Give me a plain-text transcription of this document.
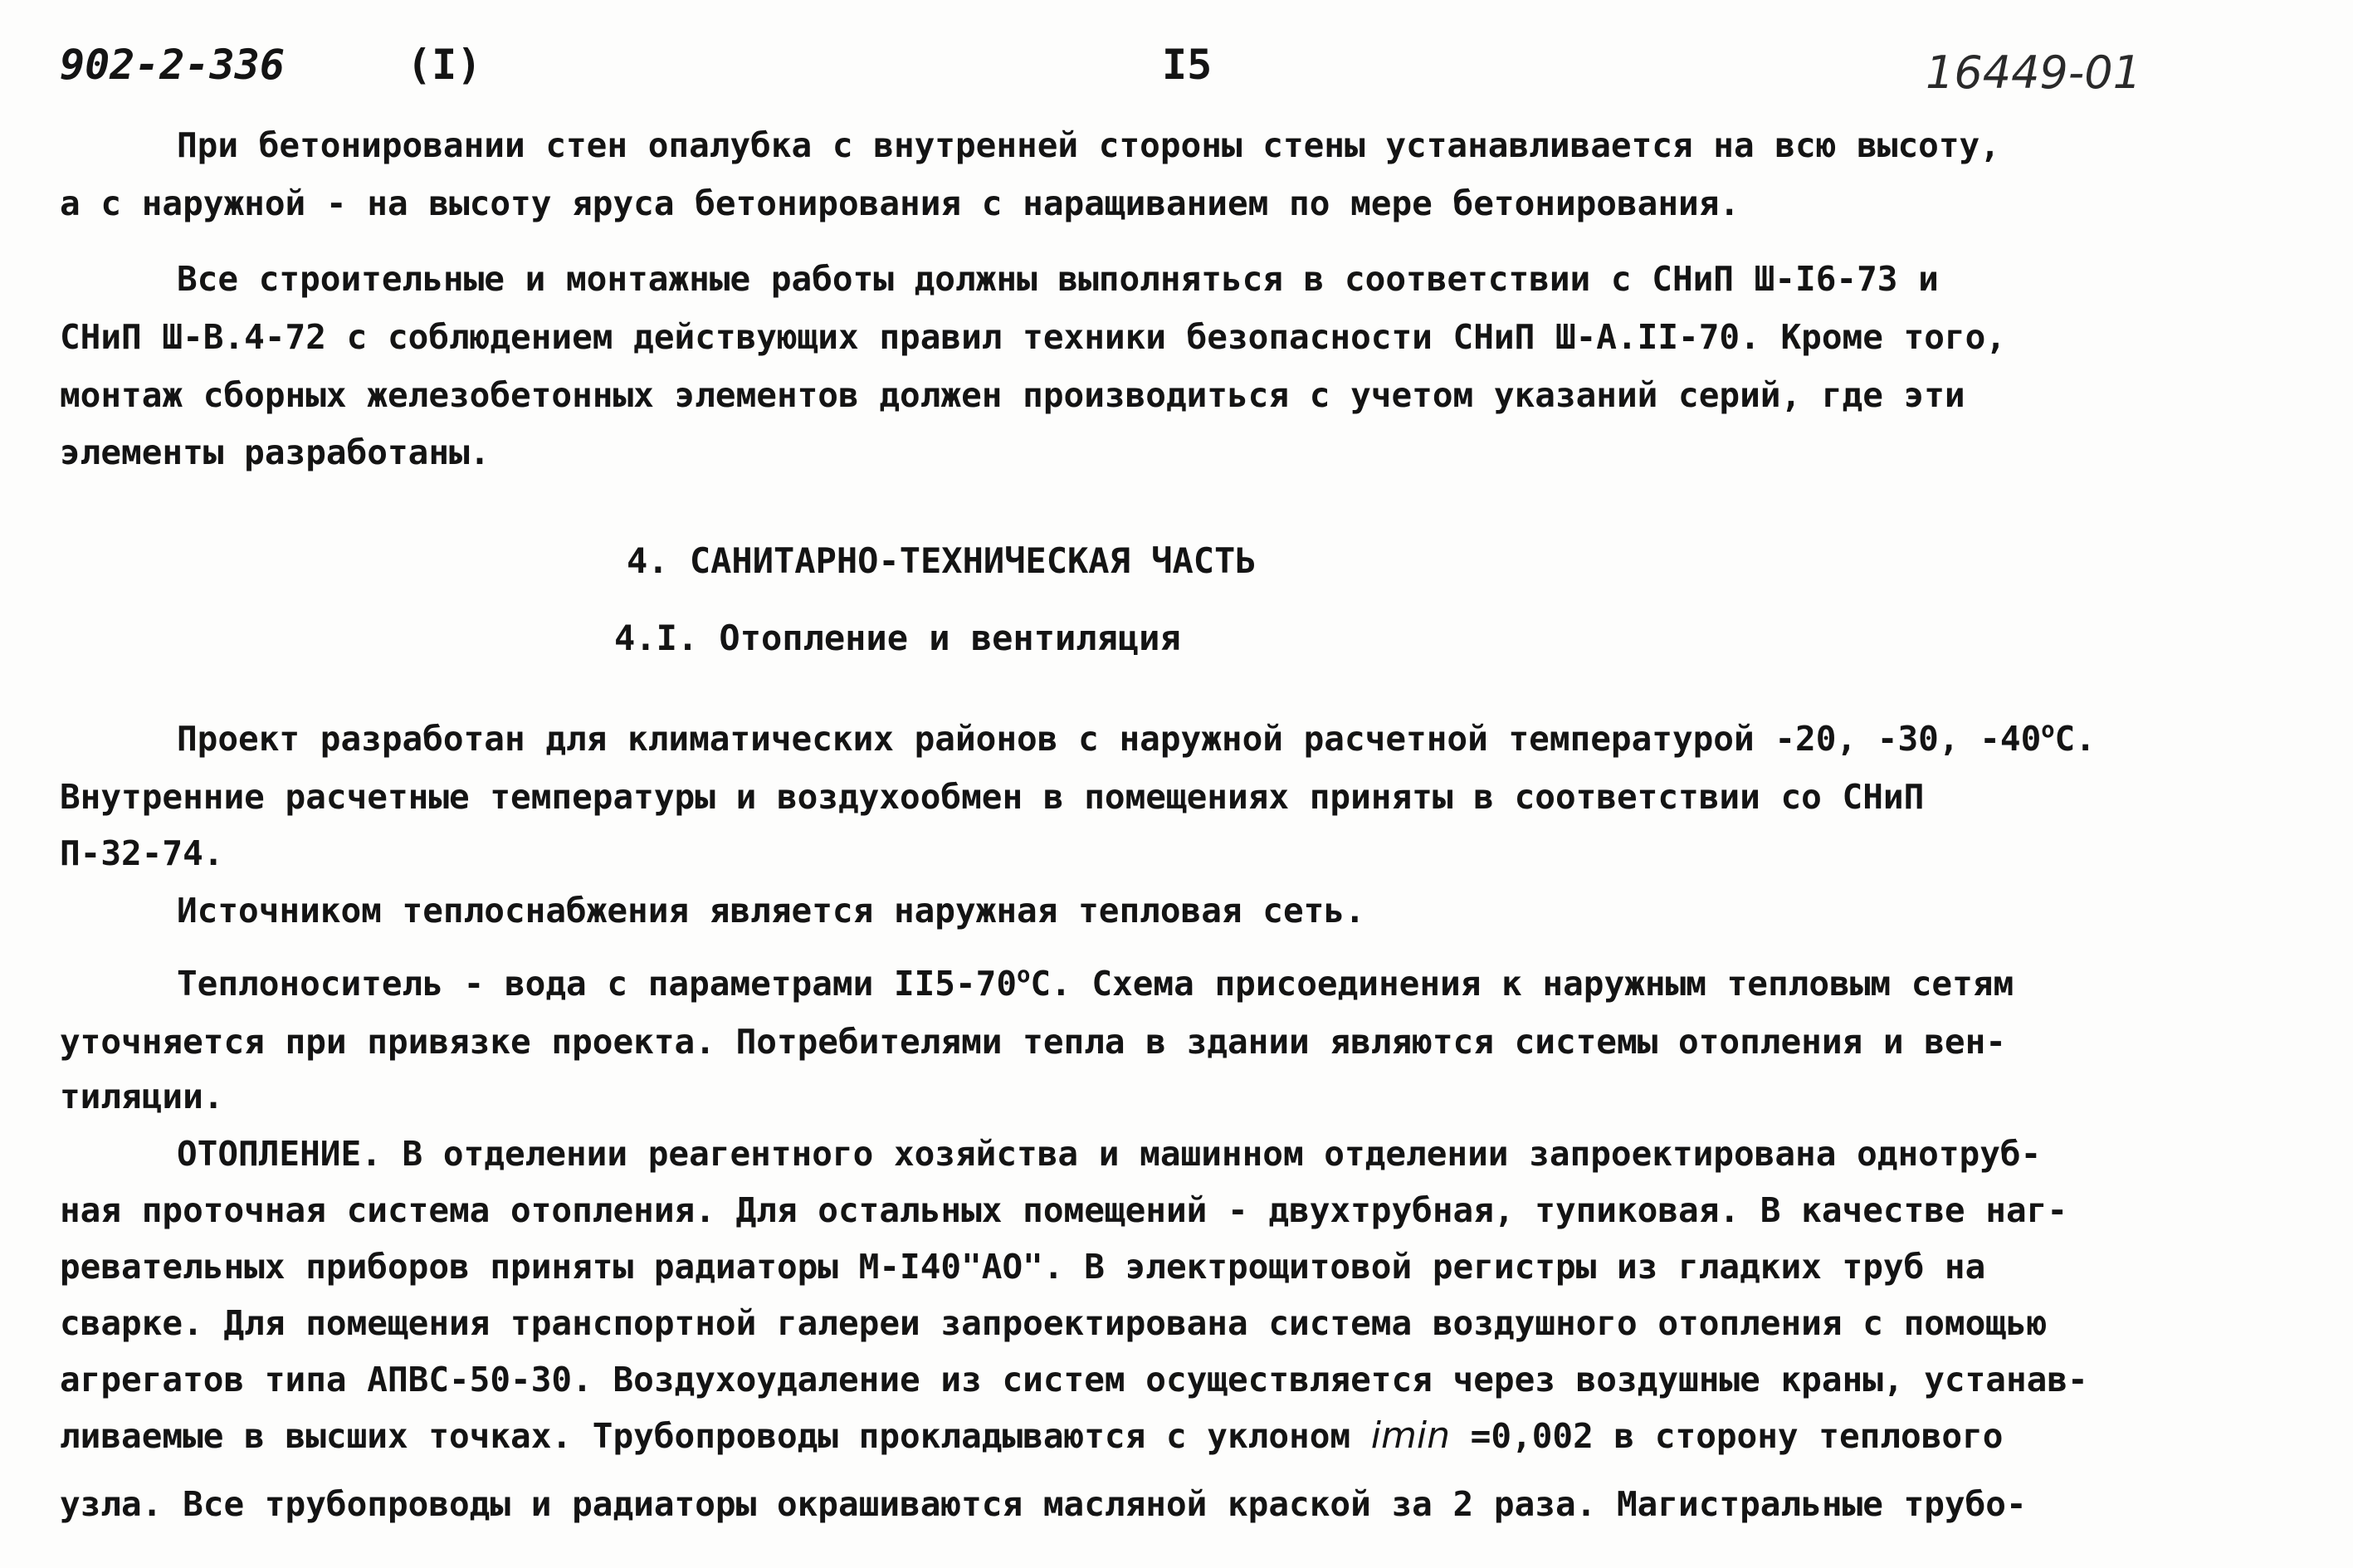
902-2-336	(I)	I5	16449-01
При бетонировании стен опалубка с внутренней стороны стены устанавливается на всю высоту,
а с наружной - на высоту яруса бетонирования с наращиванием по мере бетонирования.
Все строительные и монтажные работы должны выполняться в соответствии с СНиП Ш-I6-73 и
СНиП Ш-В.4-72 с соблюдением действующих правил техники безопасности СНиП Ш-А.II-70. Кроме того,
монтаж сборных железобетонных элементов должен производиться с учетом указаний серий, где эти
элементы разработаны.
4. САНИТАРНО-ТЕХНИЧЕСКАЯ ЧАСТЬ
4.I. Отопление и вентиляция
Проект разработан для климатических районов с наружной расчетной температурой -20, -30, -40$^o$С.
Внутренние расчетные температуры и воздухообмен в помещениях приняты в соответствии со СНиП
П-32-74.
Источником теплоснабжения является наружная тепловая сеть.
Теплоноситель - вода с параметрами II5-70$^o$С. Схема присоединения к наружным тепловым сетям
уточняется при привязке проекта. Потребителями тепла в здании являются системы отопления и вен-
тиляции.
ОТОПЛЕНИЕ. В отделении реагентного хозяйства и машинном отделении запроектирована однотруб-
ная проточная система отопления. Для остальных помещений - двухтрубная, тупиковая. В качестве наг-
ревательных приборов приняты радиаторы М-I40"АО". В электрощитовой регистры из гладких труб на
сварке. Для помещения транспортной галереи запроектирована система воздушного отопления с помощью
агрегатов типа АПВС-50-30. Воздухоудаление из систем осуществляется через воздушные краны, устанав-
ливаемые в высших точках. Трубопроводы прокладываются с уклоном imin =0,002 в сторону теплового
узла. Все трубопроводы и радиаторы окрашиваются масляной краской за 2 раза. Магистральные трубо-
